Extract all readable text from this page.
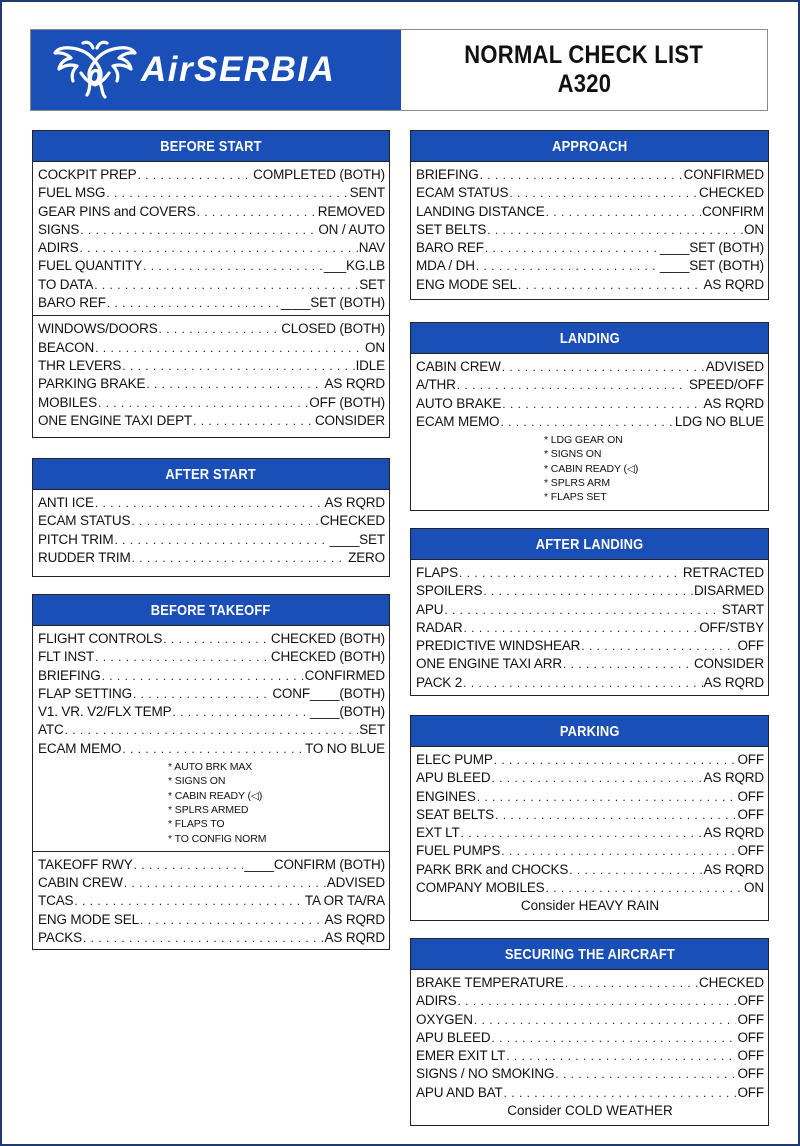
AirSERBIA	NORMAL CHECK LIST
A320
BEFORE START
COCKPIT PREP . . .	COMPLETED (BOTH)
FUEL MSG . . .	SENT
GEAR PINS and COVERS . . .	REMOVED
SIGNS . . .	ON / AUTO
ADIRS . . .	NAV
FUEL QUANTITY . . .	___KG.LB
TO DATA . . .	SET
BARO REF . . .	____SET (BOTH)
WINDOWS/DOORS . . .	CLOSED (BOTH)
BEACON . . .	ON
THR LEVERS . . .	IDLE
PARKING BRAKE . . .	AS RQRD
MOBILES . . .	OFF (BOTH)
ONE ENGINE TAXI DEPT . . .	CONSIDER
AFTER START
ANTI ICE . . .	AS RQRD
ECAM STATUS . . .	CHECKED
PITCH TRIM . . .	____SET
RUDDER TRIM . . .	ZERO
BEFORE TAKEOFF
FLIGHT CONTROLS . . .	CHECKED (BOTH)
FLT INST . . .	CHECKED (BOTH)
BRIEFING . . .	CONFIRMED
FLAP SETTING . . .	CONF____(BOTH)
V1. VR. V2/FLX TEMP . . .	____(BOTH)
ATC . . .	SET
ECAM MEMO . . .	TO NO BLUE
* AUTO BRK MAX
* SIGNS ON
* CABIN READY (◁)
* SPLRS ARMED
* FLAPS TO
* TO CONFIG NORM
TAKEOFF RWY . . .	____CONFIRM (BOTH)
CABIN CREW . . .	ADVISED
TCAS . . .	TA OR TA/RA
ENG MODE SEL . . .	AS RQRD
PACKS . . .	AS RQRD
APPROACH
BRIEFING . . .	CONFIRMED
ECAM STATUS . . .	CHECKED
LANDING DISTANCE . . .	CONFIRM
SET BELTS . . .	ON
BARO REF . . .	____SET (BOTH)
MDA / DH . . .	____SET (BOTH)
ENG MODE SEL . . .	AS RQRD
LANDING
CABIN CREW . . .	ADVISED
A/THR . . .	SPEED/OFF
AUTO BRAKE . . .	AS RQRD
ECAM MEMO . . .	LDG NO BLUE
* LDG GEAR ON
* SIGNS ON
* CABIN READY (◁)
* SPLRS ARM
* FLAPS SET
AFTER LANDING
FLAPS . . .	RETRACTED
SPOILERS . . .	DISARMED
APU . . .	START
RADAR . . .	OFF/STBY
PREDICTIVE WINDSHEAR . . .	OFF
ONE ENGINE TAXI ARR . . .	CONSIDER
PACK 2 . . .	AS RQRD
PARKING
ELEC PUMP . . .	OFF
APU BLEED . . .	AS RQRD
ENGINES . . .	OFF
SEAT BELTS . . .	OFF
EXT LT . . .	AS RQRD
FUEL PUMPS . . .	OFF
PARK BRK and CHOCKS . . .	AS RQRD
COMPANY MOBILES . . .	ON
Consider HEAVY RAIN
SECURING THE AIRCRAFT
BRAKE TEMPERATURE . . .	CHECKED
ADIRS . . .	OFF
OXYGEN . . .	OFF
APU BLEED . . .	OFF
EMER EXIT LT . . .	OFF
SIGNS / NO SMOKING . . .	OFF
APU AND BAT . . .	OFF
Consider COLD WEATHER
